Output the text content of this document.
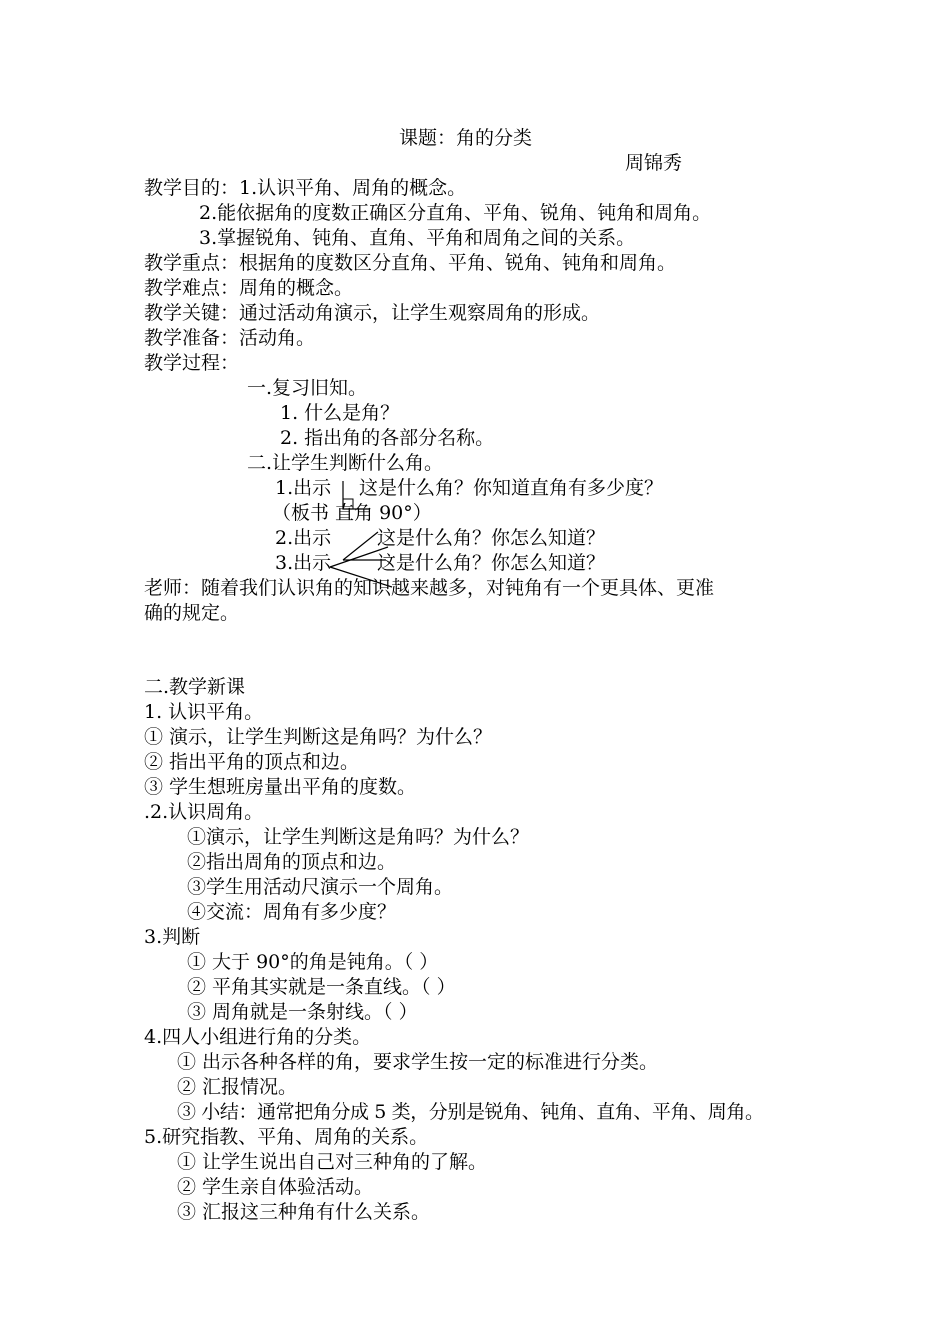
课题：角的分类
周锦秀
教学目的：1.认识平角、周角的概念。
2.能依据角的度数正确区分直角、平角、锐角、钝角和周角。
3.掌握锐角、钝角、直角、平角和周角之间的关系。
教学重点：根据角的度数区分直角、平角、锐角、钝角和周角。
教学难点：周角的概念。
教学关键：通过活动角演示，让学生观察周角的形成。
教学准备：活动角。
教学过程：
一.复习旧知。
1. 什么是角？
2. 指出角的各部分名称。
二.让学生判断什么角。
1.出示 这是什么角？你知道直角有多少度？
（板书 直角 90°）
2.出示 这是什么角？你怎么知道？
3.出示 这是什么角？你怎么知道？
老师：随着我们认识角的知识越来越多，对钝角有一个更具体、更准
确的规定。
二.教学新课
1. 认识平角。
① 演示，让学生判断这是角吗？为什么？
② 指出平角的顶点和边。
③ 学生想班房量出平角的度数。
.2.认识周角。
①演示，让学生判断这是角吗？为什么？
②指出周角的顶点和边。
③学生用活动尺演示一个周角。
④交流：周角有多少度？
3.判断
① 大于 90°的角是钝角。（ ）
② 平角其实就是一条直线。（ ）
③ 周角就是一条射线。（ ）
4.四人小组进行角的分类。
① 出示各种各样的角，要求学生按一定的标准进行分类。
② 汇报情况。
③ 小结：通常把角分成 5 类，分别是锐角、钝角、直角、平角、周角。
5.研究指教、平角、周角的关系。
① 让学生说出自己对三种角的了解。
② 学生亲自体验活动。
③ 汇报这三种角有什么关系。
